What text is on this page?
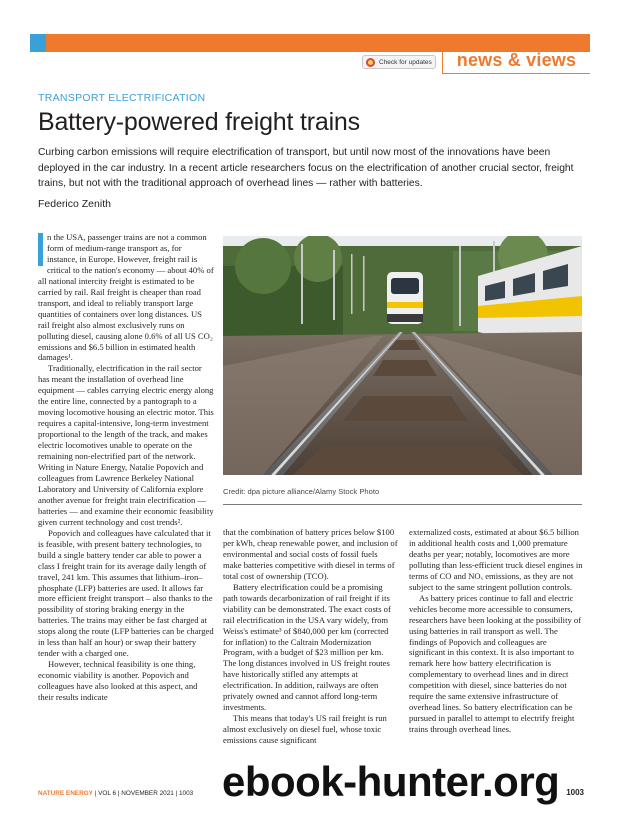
Check for updates news & views
TRANSPORT ELECTRIFICATION
Battery-powered freight trains
Curbing carbon emissions will require electrification of transport, but until now most of the innovations have been deployed in the car industry. In a recent article researchers focus on the electrification of another crucial sector, freight trains, but not with the traditional approach of overhead lines — rather with batteries.
Federico Zenith

n the USA, passenger trains are not a common form of medium-range transport as, for instance, in Europe. However, freight rail is critical to the nation's economy — about 40% of all national intercity freight is estimated to be carried by rail. Rail freight is cheaper than road transport, and ideal to reliably transport large quantities of containers over long distances. US rail freight also almost exclusively runs on polluting diesel, causing alone 0.6% of all US CO₂ emissions and $6.5 billion in estimated health damages¹.

Traditionally, electrification in the rail sector has meant the installation of overhead line equipment — cables carrying electric energy along the entire line, connected by a pantograph to a moving locomotive housing an electric motor. This requires a capital-intensive, long-term investment proportional to the length of the track, and makes electric locomotives unable to operate on the remaining non-electrified part of the network. Writing in Nature Energy, Natalie Popovich and colleagues from Lawrence Berkeley National Laboratory and University of California explore another avenue for freight train electrification — batteries — and examine their economic feasibility given current technology and cost trends².

Popovich and colleagues have calculated that it is feasible, with present battery technologies, to build a single battery tender car able to power a class I freight train for its average daily length of travel, 241 km. This assumes that lithium–iron–phosphate (LFP) batteries are used. It allows far more efficient freight transport – also thanks to the possibility of storing braking energy in the batteries. The trains may either be fast charged at stops along the route (LFP batteries can be charged in less than half an hour) or swap their battery tender with a charged one.

However, technical feasibility is one thing, economic viability is another. Popovich and colleagues have also looked at this aspect, and their results indicate

Credit: dpa picture alliance/Alamy Stock Photo

that the combination of battery prices below $100 per kWh, cheap renewable power, and inclusion of environmental and social costs of fossil fuels make batteries competitive with diesel in terms of total cost of ownership (TCO).

Battery electrification could be a promising path towards decarbonization of rail freight if its viability can be demonstrated. The exact costs of rail electrification in the USA vary widely, from Weiss's estimate³ of $840,000 per km (corrected for inflation) to the Caltrain Modernization Program, with a budget of $23 million per km. The long distances involved in US freight routes have historically stifled any attempts at electrification. In addition, railways are often privately owned and cannot afford long-term investments.

This means that today's US rail freight is run almost exclusively on diesel fuel, whose toxic emissions cause significant

externalized costs, estimated at about $6.5 billion in additional health costs and 1,000 premature deaths per year; notably, locomotives are more polluting than less-efficient truck diesel engines in terms of CO and NOₓ emissions, as they are not subject to the same stringent pollution controls.

As battery prices continue to fall and electric vehicles become more accessible to consumers, researchers have been looking at the possibility of using batteries in rail transport as well. The findings of Popovich and colleagues are significant in this context. It is also important to remark here how battery electrification is complementary to overhead lines and in direct competition with diesel, since batteries do not require the same extensive infrastructure of overhead lines. So battery electrification can be pursued in parallel to attempt to electrify freight trains through overhead lines.

NATURE ENERGY | VOL 6 | NOVEMBER 2021 | 1003	1003
ebook-hunter.org
